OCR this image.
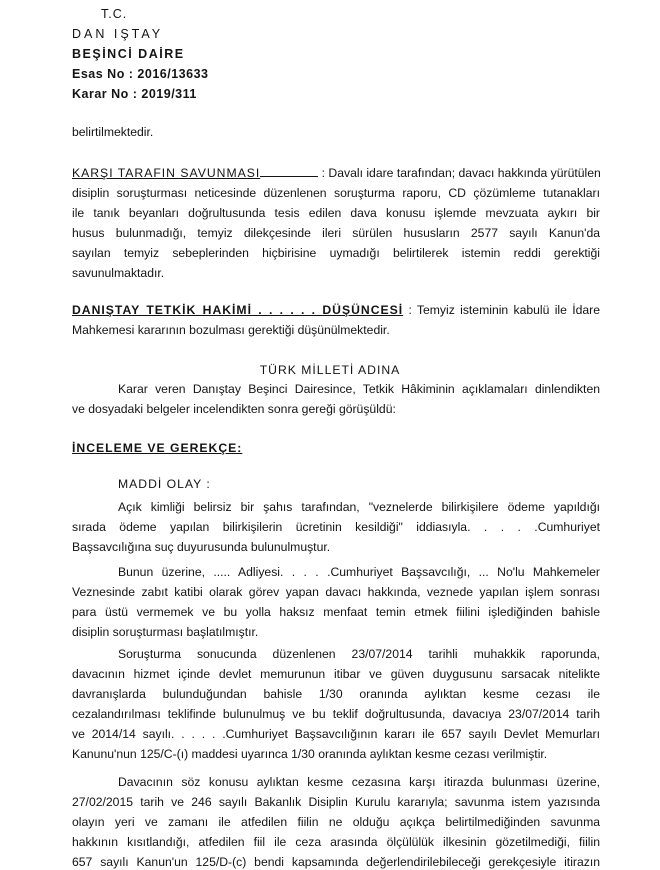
T.C.
DAN IŞTAY
BEŞİNCİ DAİRE
Esas No : 2016/13633
Karar No : 2019/311
belirtilmektedir.
KARŞI TARAFIN SAVUNMASI	: Davalı idare tarafından; davacı hakkında yürütülen
disiplin soruşturması neticesinde düzenlenen soruşturma raporu, CD çözümleme tutanakları
ile tanık beyanları doğrultusunda tesis edilen dava konusu işlemde mevzuata aykırı bir
husus bulunmadığı, temyiz dilekçesinde ileri sürülen hususların 2577 sayılı Kanun'da
sayılan temyiz sebeplerinden hiçbirisine uymadığı belirtilerek istemin reddi gerektiği
savunulmaktadır.
DANIŞTAY TETKİK HAKİMİ . . . . . . DÜŞÜNCESİ : Temyiz isteminin kabulü ile İdare
Mahkemesi kararının bozulması gerektiği düşünülmektedir.
TÜRK MİLLETİ ADINA
Karar veren Danıştay Beşinci Dairesince, Tetkik Hâkiminin açıklamaları dinlendikten
ve dosyadaki belgeler incelendikten sonra gereği görüşüldü:
İNCELEME VE GEREKÇE:
MADDİ OLAY :
Açık kimliği belirsiz bir şahıs tarafından, "veznelerde bilirkişilere ödeme yapıldığı
sırada ödeme yapılan bilirkişilerin ücretinin kesildiği" iddiasıyla. . . . .Cumhuriyet
Başsavcılığına suç duyurusunda bulunulmuştur.
Bunun üzerine, ..... Adliyesi. . . . .Cumhuriyet Başsavcılığı, ... No'lu Mahkemeler
Veznesinde zabıt katibi olarak görev yapan davacı hakkında, veznede yapılan işlem sonrası
para üstü vermemek ve bu yolla haksız menfaat temin etmek fiilini işlediğinden bahisle
disiplin soruşturması başlatılmıştır.
Soruşturma sonucunda düzenlenen 23/07/2014 tarihli muhakkik raporunda,
davacının hizmet içinde devlet memurunun itibar ve güven duygusunu sarsacak nitelikte
davranışlarda bulunduğundan bahisle 1/30 oranında aylıktan kesme cezası ile
cezalandırılması teklifinde bulunulmuş ve bu teklif doğrultusunda, davacıya 23/07/2014 tarih
ve 2014/14 sayılı. . . . . .Cumhuriyet Başsavcılığının kararı ile 657 sayılı Devlet Memurları
Kanunu'nun 125/C-(ı) maddesi uyarınca 1/30 oranında aylıktan kesme cezası verilmiştir.
Davacının söz konusu aylıktan kesme cezasına karşı itirazda bulunması üzerine,
27/02/2015 tarih ve 246 sayılı Bakanlık Disiplin Kurulu kararıyla; savunma istem yazısında
olayın yeri ve zamanı ile atfedilen fiilin ne olduğu açıkça belirtilmediğinden savunma
hakkının kısıtlandığı, atfedilen fiil ile ceza arasında ölçülülük ilkesinin gözetilmediği, fiilin
657 sayılı Kanun'un 125/D-(c) bendi kapsamında değerlendirilebileceği gerekçesiyle itirazın
